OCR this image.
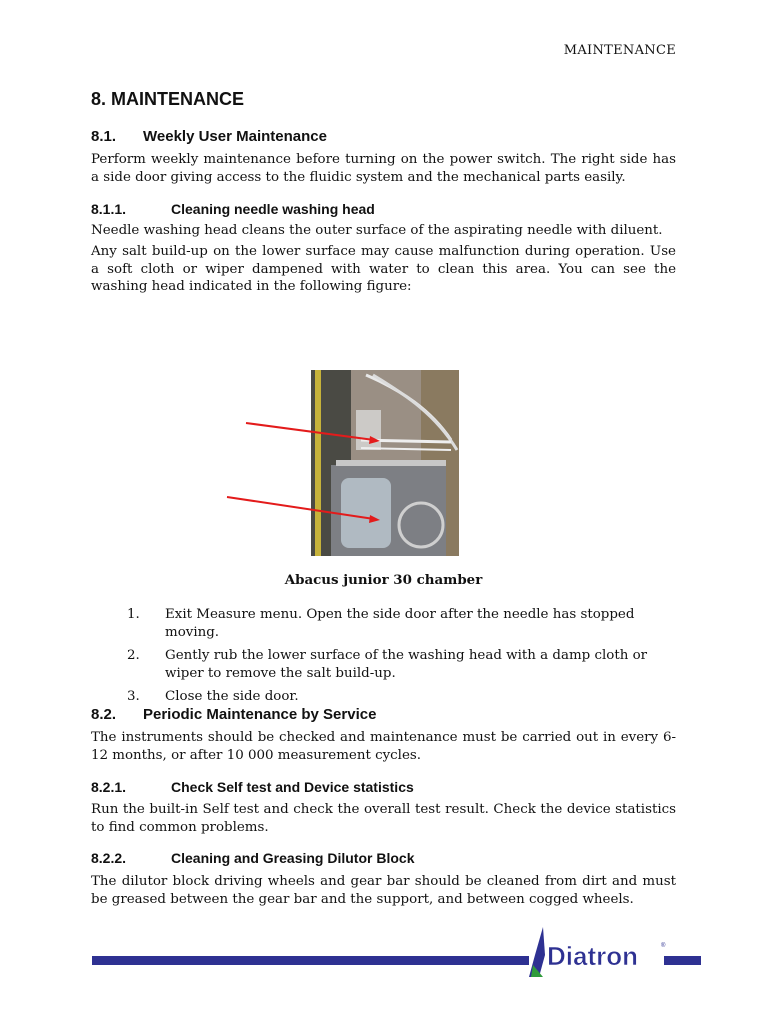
MAINTENANCE
8. MAINTENANCE
8.1. Weekly User Maintenance
Perform weekly maintenance before turning on the power switch. The right side has a side door giving access to the fluidic system and the mechanical parts easily.
8.1.1.	Cleaning needle washing head
Needle washing head cleans the outer surface of the aspirating needle with diluent.
Any salt build-up on the lower surface may cause malfunction during operation. Use a soft cloth or wiper dampened with water to clean this area. You can see the washing head indicated in the following figure:
Abacus junior 30 chamber
1. Exit Measure menu. Open the side door after the needle has stopped moving.
2. Gently rub the lower surface of the washing head with a damp cloth or wiper to remove the salt build-up.
3. Close the side door.
8.2. Periodic Maintenance by Service
The instruments should be checked and maintenance must be carried out in every 6-12 months, or after 10 000 measurement cycles.
8.2.1.	Check Self test and Device statistics
Run the built-in Self test and check the overall test result. Check the device statistics to find common problems.
8.2.2.	Cleaning and Greasing Dilutor Block
The dilutor block driving wheels and gear bar should be cleaned from dirt and must be greased between the gear bar and the support, and between cogged wheels.
Diatron	®
